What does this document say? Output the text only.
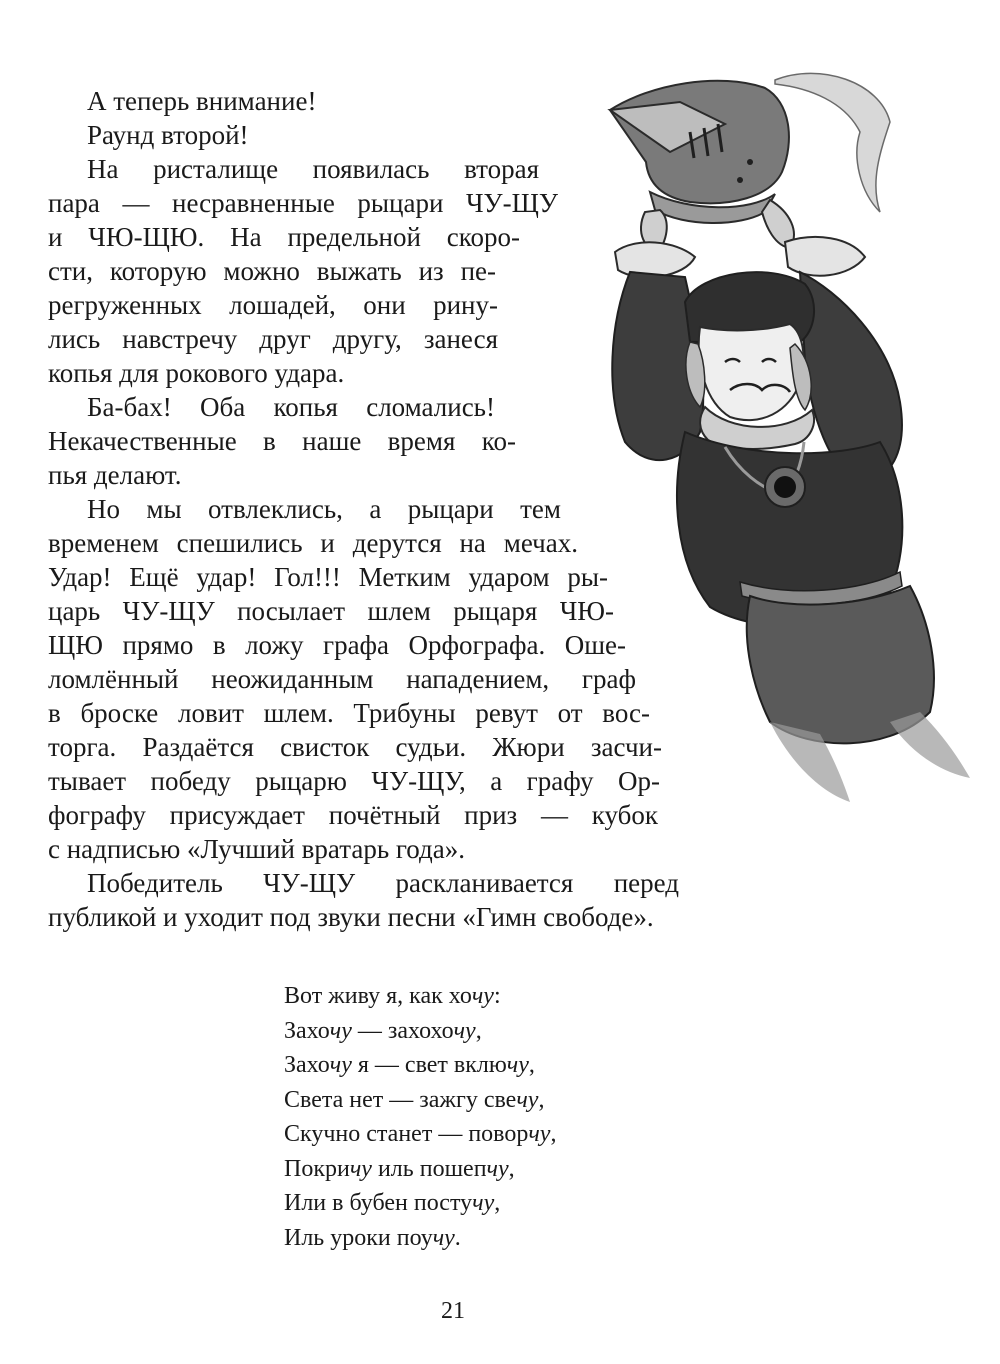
А теперь внимание!
Раунд второй!
На ристалище появилась вторая
пара — несравненные рыцари ЧУ-ЩУ
и ЧЮ-ЩЮ. На предельной скоро-
сти, которую можно выжать из пе-
регруженных лошадей, они рину-
лись навстречу друг другу, занеся
копья для рокового удара.
Ба-бах! Оба копья сломались!
Некачественные в наше время ко-
пья делают.
Но мы отвлеклись, а рыцари тем
временем спешились и дерутся на мечах.
Удар! Ещё удар! Гол!!! Метким ударом ры-
царь ЧУ-ЩУ посылает шлем рыцаря ЧЮ-
ЩЮ прямо в ложу графа Орфографа. Оше-
ломлённый неожиданным нападением, граф
в броске ловит шлем. Трибуны ревут от вос-
торга. Раздаётся свисток судьи. Жюри засчи-
тывает победу рыцарю ЧУ-ЩУ, а графу Ор-
фографу присуждает почётный приз — кубок
с надписью «Лучший вратарь года».
Победитель ЧУ-ЩУ раскланивается перед
публикой и уходит под звуки песни «Гимн свободе».
Вот живу я, как хочу:
Захочу — захохочу,
Захочу я — свет включу,
Света нет — зажгу свечу,
Скучно станет — поворчу,
Покричу иль пошепчу,
Или в бубен постучу,
Иль уроки поучу.
21
